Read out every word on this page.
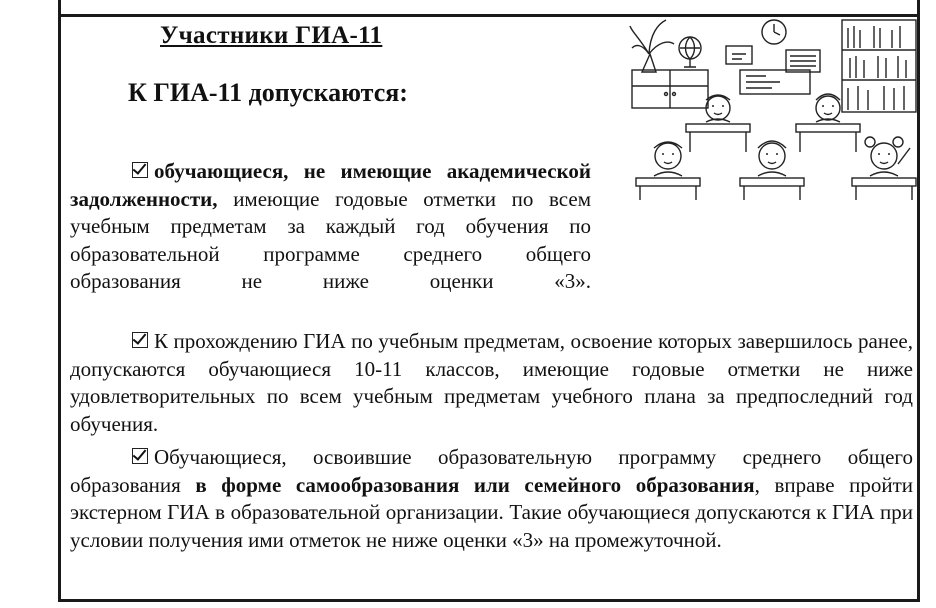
Участники ГИА-11
К ГИА-11 допускаются:
обучающиеся, не имеющие академической задолженности, имеющие годовые отметки по всем учебным предметам за каждый год обучения по образовательной программе среднего общего образования не ниже оценки «3».
К прохождению ГИА по учебным предметам, освоение которых завершилось ранее, допускаются обучающиеся 10-11 классов, имеющие годовые отметки не ниже удовлетворительных по всем учебным предметам учебного плана за предпоследний год обучения.
Обучающиеся, освоившие образовательную программу среднего общего образования в форме самообразования или семейного образования, вправе пройти экстерном ГИА в образовательной организации. Такие обучающиеся допускаются к ГИА при условии получения ими отметок не ниже оценки «3» на промежуточной.
